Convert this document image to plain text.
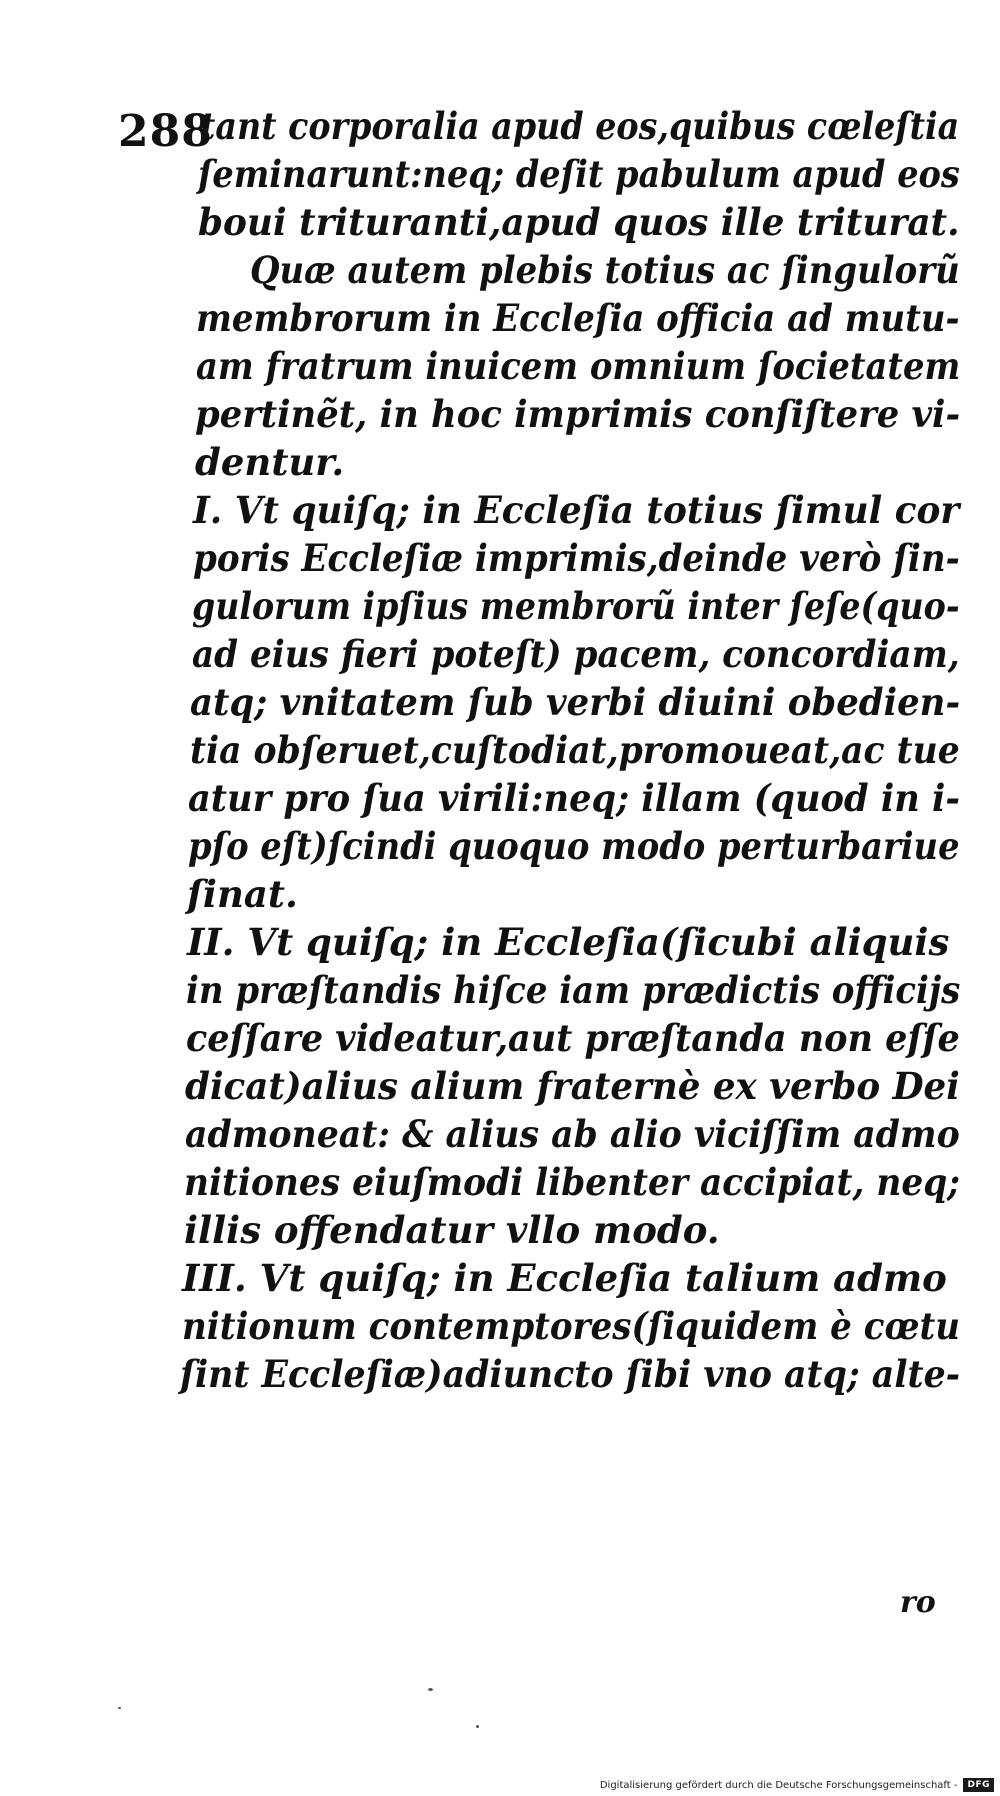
288
tant corporalia apud eos,quibus cœleſtia
ſeminarunt:neq; deſit pabulum apud eos
boui trituranti,apud quos ille triturat.
Quæ autem plebis totius ac ſingulorũ
membrorum in Eccleſia officia ad mutu-
am fratrum inuicem omnium ſocietatem
pertinẽt, in hoc imprimis conſiſtere vi-
dentur.
I. Vt quiſq; in Eccleſia totius ſimul cor
poris Eccleſiæ imprimis,deinde verò ſin-
gulorum ipſius membrorũ inter ſeſe(quo-
ad eius fieri poteſt) pacem, concordiam,
atq; vnitatem ſub verbi diuini obedien-
tia obſeruet,cuſtodiat,promoueat,ac tue
atur pro ſua virili:neq; illam (quod in i-
pſo eſt)ſcindi quoquo modo perturbariue
ſinat.
II. Vt quiſq; in Eccleſia(ſicubi aliquis
in præſtandis hiſce iam prædictis officijs
ceſſare videatur,aut præſtanda non eſſe
dicat)alius alium fraternè ex verbo Dei
admoneat: & alius ab alio viciſſim admo
nitiones eiuſmodi libenter accipiat, neq;
illis offendatur vllo modo.
III. Vt quiſq; in Eccleſia talium admo
nitionum contemptores(ſiquidem è cœtu
ſint Eccleſiæ)adiuncto ſibi vno atq; alte-
ro
Digitalisierung gefördert durch die Deutsche Forschungsgemeinschaft -	DFG
